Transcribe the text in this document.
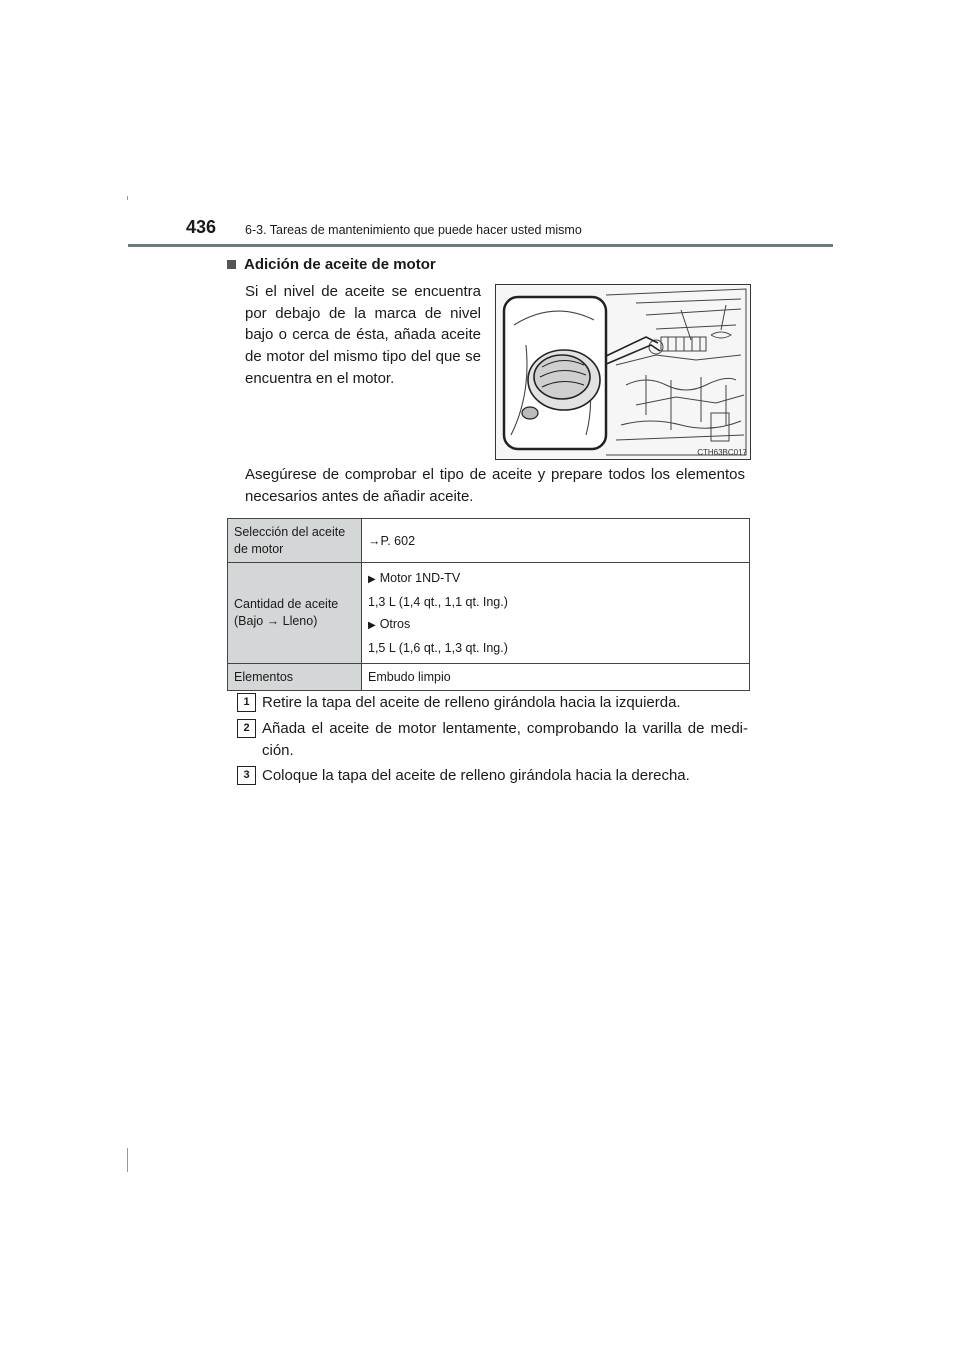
436 6-3. Tareas de mantenimiento que puede hacer usted mismo
Adición de aceite de motor
Si el nivel de aceite se encuentra por debajo de la marca de nivel bajo o cerca de ésta, añada aceite de motor del mismo tipo del que se encuentra en el motor.
CTH63BC017
Asegúrese de comprobar el tipo de aceite y prepare todos los elementos necesarios antes de añadir aceite.
Selección del aceite de motor	→P. 602
Cantidad de aceite (Bajo → Lleno)	▶ Motor 1ND-TV

1,3 L (1,4 qt., 1,1 qt. Ing.)

▶ Otros

1,5 L (1,6 qt., 1,3 qt. Ing.)

Elementos	Embudo limpio
1 Retire la tapa del aceite de relleno girándola hacia la izquierda.
2 Añada el aceite de motor lentamente, comprobando la varilla de medi-ción.
3 Coloque la tapa del aceite de relleno girándola hacia la derecha.
